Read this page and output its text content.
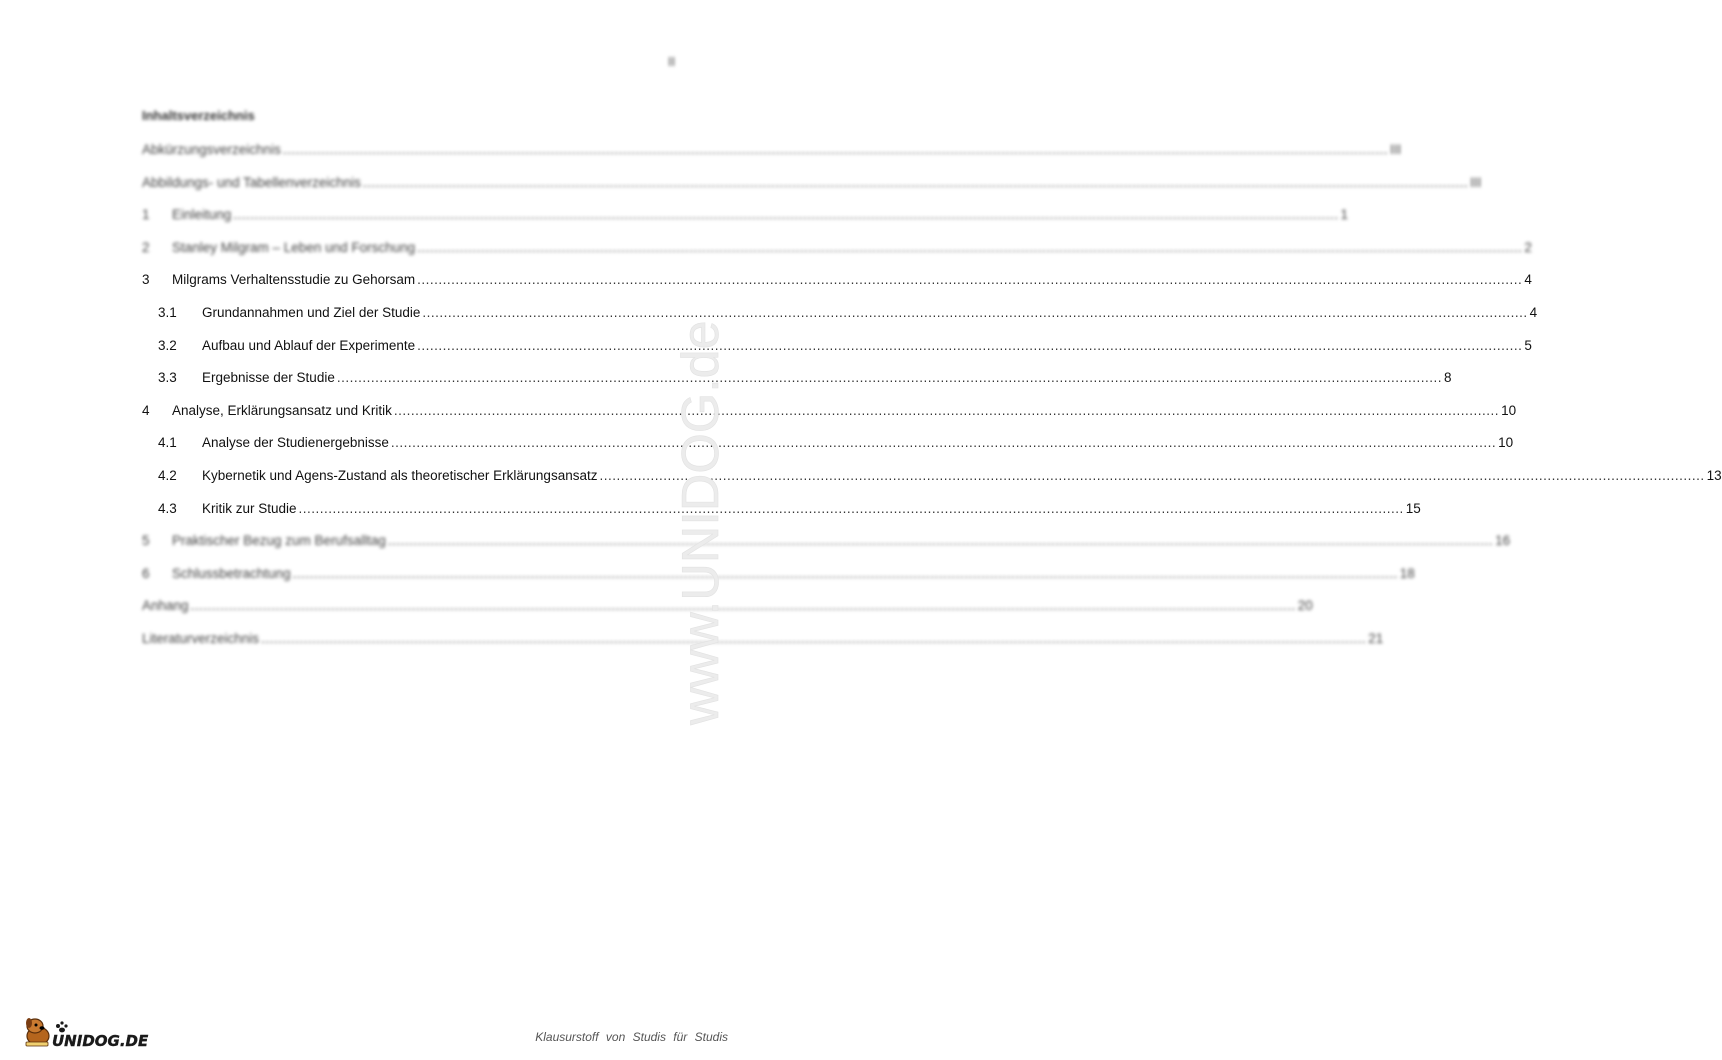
II
Inhaltsverzeichnis
Abkürzungsverzeichnis .................................................................................................................................................................................................................................................................... III
Abbildungs- und Tabellenverzeichnis .................................................................................................................................................................................................................................................................... III
1	Einleitung .................................................................................................................................................................................................................................................................... 1
2	Stanley Milgram – Leben und Forschung .................................................................................................................................................................................................................................................................... 2
3	Milgrams Verhaltensstudie zu Gehorsam .................................................................................................................................................................................................................................................................... 4
3.1	Grundannahmen und Ziel der Studie .................................................................................................................................................................................................................................................................... 4
3.2	Aufbau und Ablauf der Experimente .................................................................................................................................................................................................................................................................... 5
3.3	Ergebnisse der Studie .................................................................................................................................................................................................................................................................... 8
4	Analyse, Erklärungsansatz und Kritik .................................................................................................................................................................................................................................................................... 10
4.1	Analyse der Studienergebnisse .................................................................................................................................................................................................................................................................... 10
4.2	Kybernetik und Agens-Zustand als theoretischer Erklärungsansatz .................................................................................................................................................................................................................................................................... 13
4.3	Kritik zur Studie .................................................................................................................................................................................................................................................................... 15
5	Praktischer Bezug zum Berufsalltag .................................................................................................................................................................................................................................................................... 16
6	Schlussbetrachtung .................................................................................................................................................................................................................................................................... 18
Anhang .................................................................................................................................................................................................................................................................... 20
Literaturverzeichnis .................................................................................................................................................................................................................................................................... 21
www.UNIDOG.de
UNIDOG.DE	Klausurstoff von Studis für Studis
